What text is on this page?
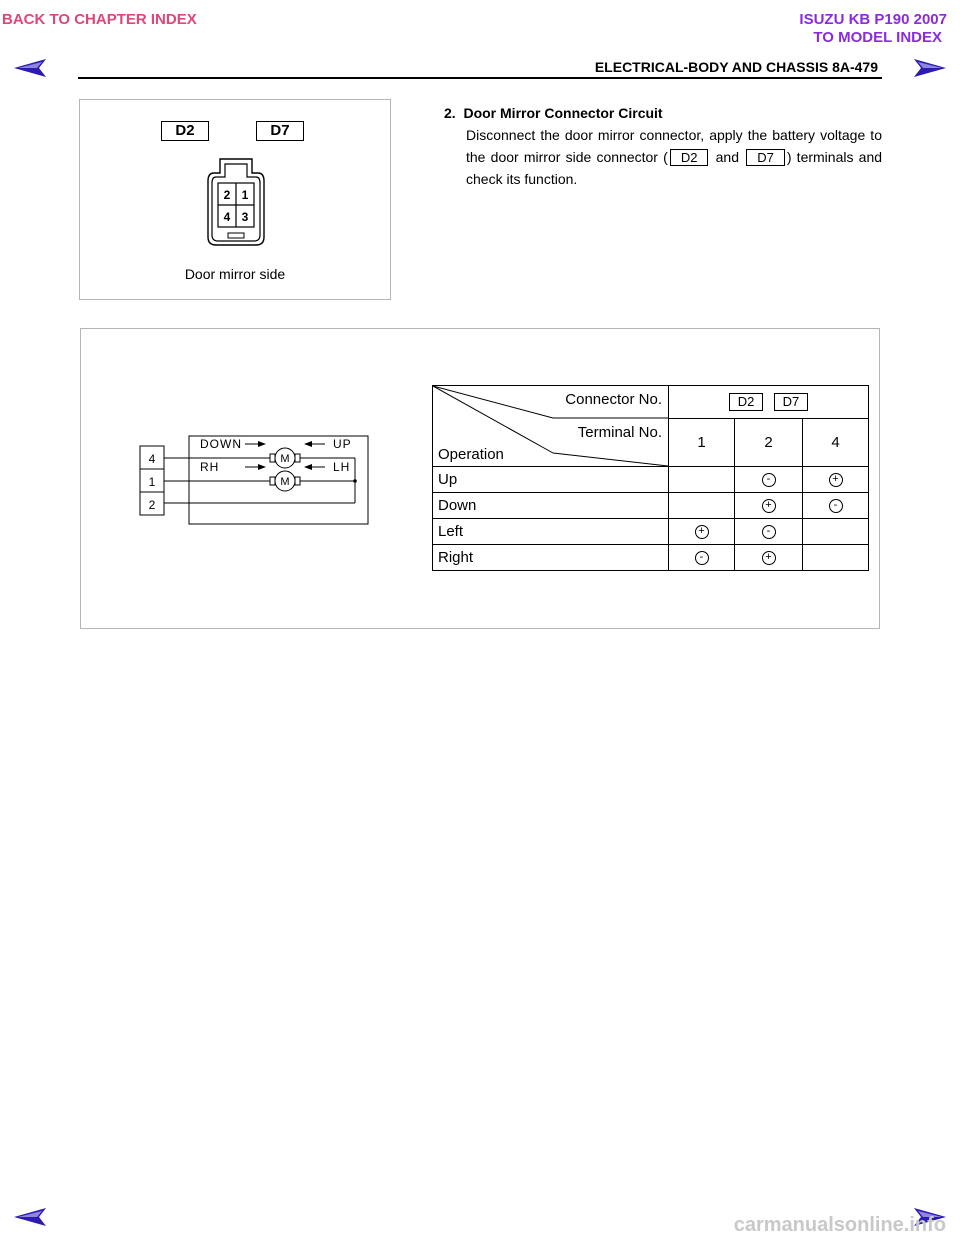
BACK TO CHAPTER INDEX	ISUZU KB P190 2007
TO MODEL INDEX
ELECTRICAL-BODY AND CHASSIS 8A-479
D2	D7
2 1
4 3
Door mirror side
2. Door Mirror Connector Circuit
Disconnect the door mirror connector, apply the battery voltage to the door mirror side connector ( D2 and D7 ) terminals and check its function.
4
1
2
M
M
DOWN	UP
RH	LH
Connector No.
Terminal No.
Operation	D2 D7		
	1	2	4
Up		-	+
Down		+	-
Left	+	-	
Right	-	+	
carmanualsonline.info
